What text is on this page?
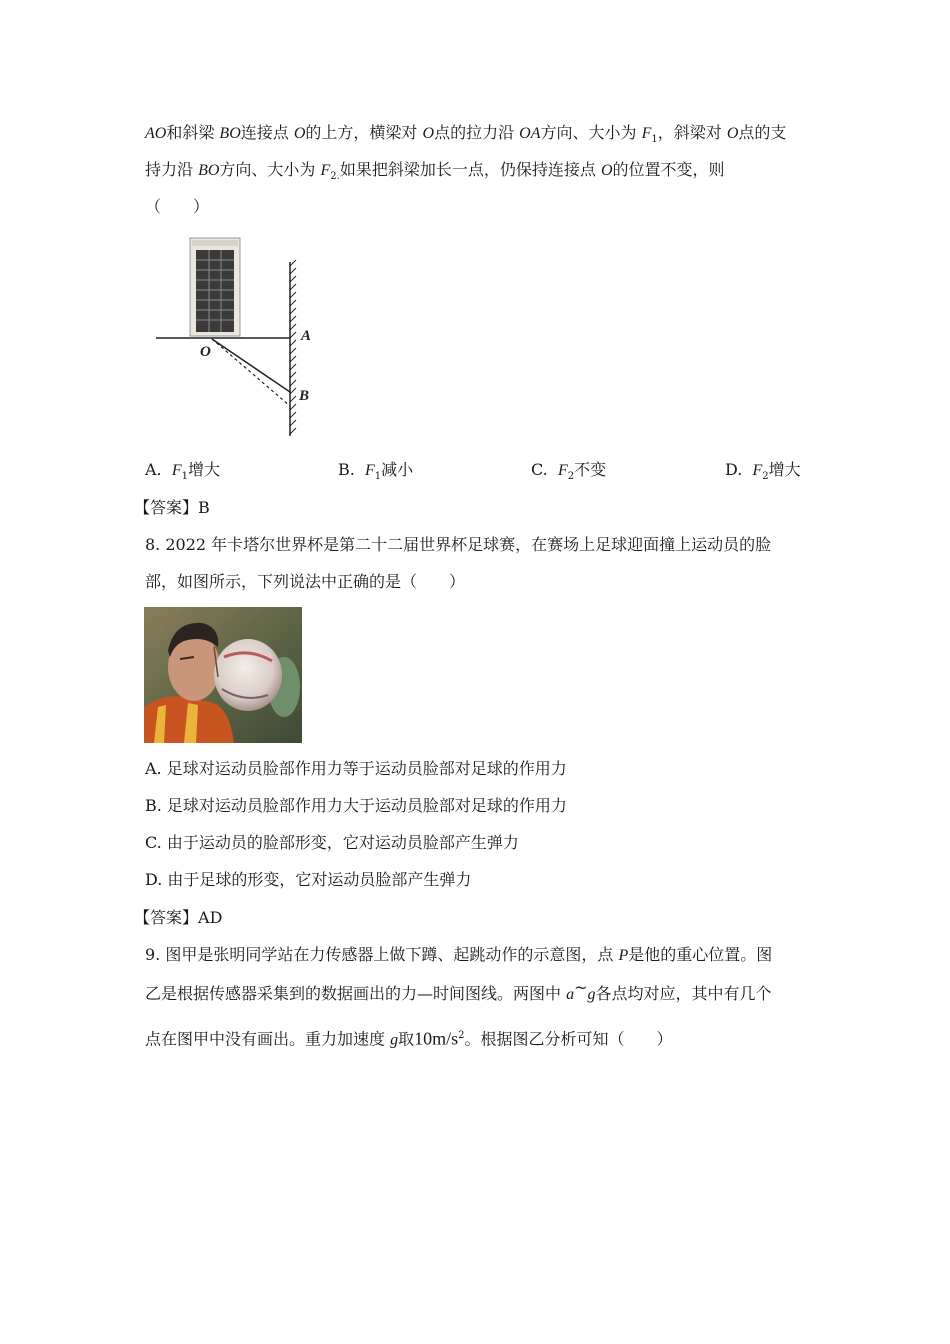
AO和斜梁 BO连接点 O的上方，横梁对 O点的拉力沿 OA方向、大小为 $F_1$，斜梁对 O点的支
持力沿 BO方向、大小为 $F_{2.}$如果把斜梁加长一点，仍保持连接点 O的位置不变，则
（　　）
O
A
B
A. $F_1$增大	B. $F_1$减小	C. $F_2$不变	D. $F_2$增大
【答案】B
8. 2022 年卡塔尔世界杯是第二十二届世界杯足球赛，在赛场上足球迎面撞上运动员的脸
部，如图所示，下列说法中正确的是（　　）
A. 足球对运动员脸部作用力等于运动员脸部对足球的作用力
B. 足球对运动员脸部作用力大于运动员脸部对足球的作用力
C. 由于运动员的脸部形变，它对运动员脸部产生弹力
D. 由于足球的形变，它对运动员脸部产生弹力
【答案】AD
9. 图甲是张明同学站在力传感器上做下蹲、起跳动作的示意图，点 P是他的重心位置。图
乙是根据传感器采集到的数据画出的力—时间图线。两图中 a~g各点均对应，其中有几个
点在图甲中没有画出。重力加速度 g取$10m/s^2$。根据图乙分析可知（　　）
